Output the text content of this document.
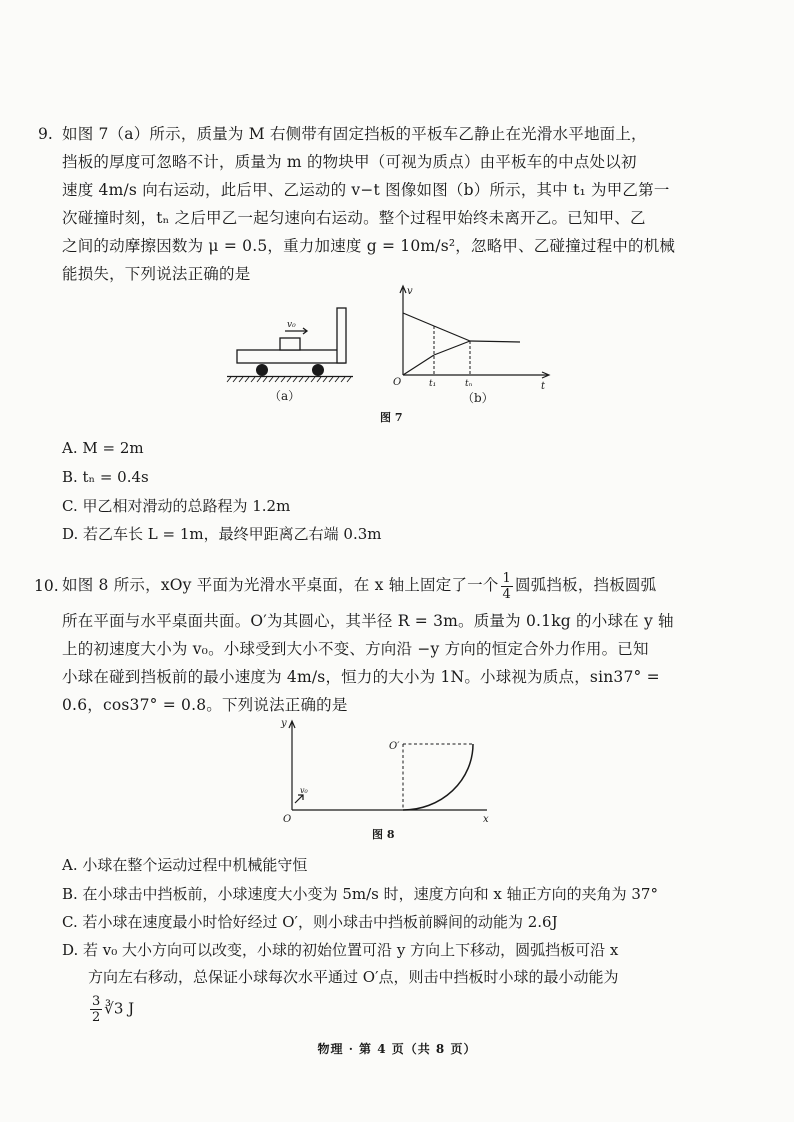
9. 如图 7（a）所示，质量为 M 右侧带有固定挡板的平板车乙静止在光滑水平地面上，
挡板的厚度可忽略不计，质量为 m 的物块甲（可视为质点）由平板车的中点处以初
速度 4m/s 向右运动，此后甲、乙运动的 v−t 图像如图（b）所示，其中 t₁ 为甲乙第一
次碰撞时刻，tₙ 之后甲乙一起匀速向右运动。整个过程甲始终未离开乙。已知甲、乙
之间的动摩擦因数为 μ = 0.5，重力加速度 g = 10m/s²，忽略甲、乙碰撞过程中的机械
能损失，下列说法正确的是
v₀
（a）
v
t
O	t₁	tₙ
（b）
图 7
A. M = 2m
B. tₙ = 0.4s
C. 甲乙相对滑动的总路程为 1.2m
D. 若乙车长 L = 1m，最终甲距离乙右端 0.3m
10. 如图 8 所示，xOy 平面为光滑水平桌面，在 x 轴上固定了一个 $\frac{1}{4}$ 圆弧挡板，挡板圆弧
所在平面与水平桌面共面。O′为其圆心，其半径 R = 3m。质量为 0.1kg 的小球在 y 轴
上的初速度大小为 v₀。小球受到大小不变、方向沿 −y 方向的恒定合外力作用。已知
小球在碰到挡板前的最小速度为 4m/s，恒力的大小为 1N。小球视为质点，sin37° =
0.6，cos37° = 0.8。下列说法正确的是
y
x
O
O′
v₀
图 8
A. 小球在整个运动过程中机械能守恒
B. 在小球击中挡板前，小球速度大小变为 5m/s 时，速度方向和 x 轴正方向的夹角为 37°
C. 若小球在速度最小时恰好经过 O′，则小球击中挡板前瞬间的动能为 2.6J
D. 若 v₀ 大小方向可以改变，小球的初始位置可沿 y 方向上下移动，圆弧挡板可沿 x
方向左右移动，总保证小球每次水平通过 O′点，则击中挡板时小球的最小动能为
$\frac{3}{2}$ ∛3 J
物理 · 第 4 页（共 8 页）
